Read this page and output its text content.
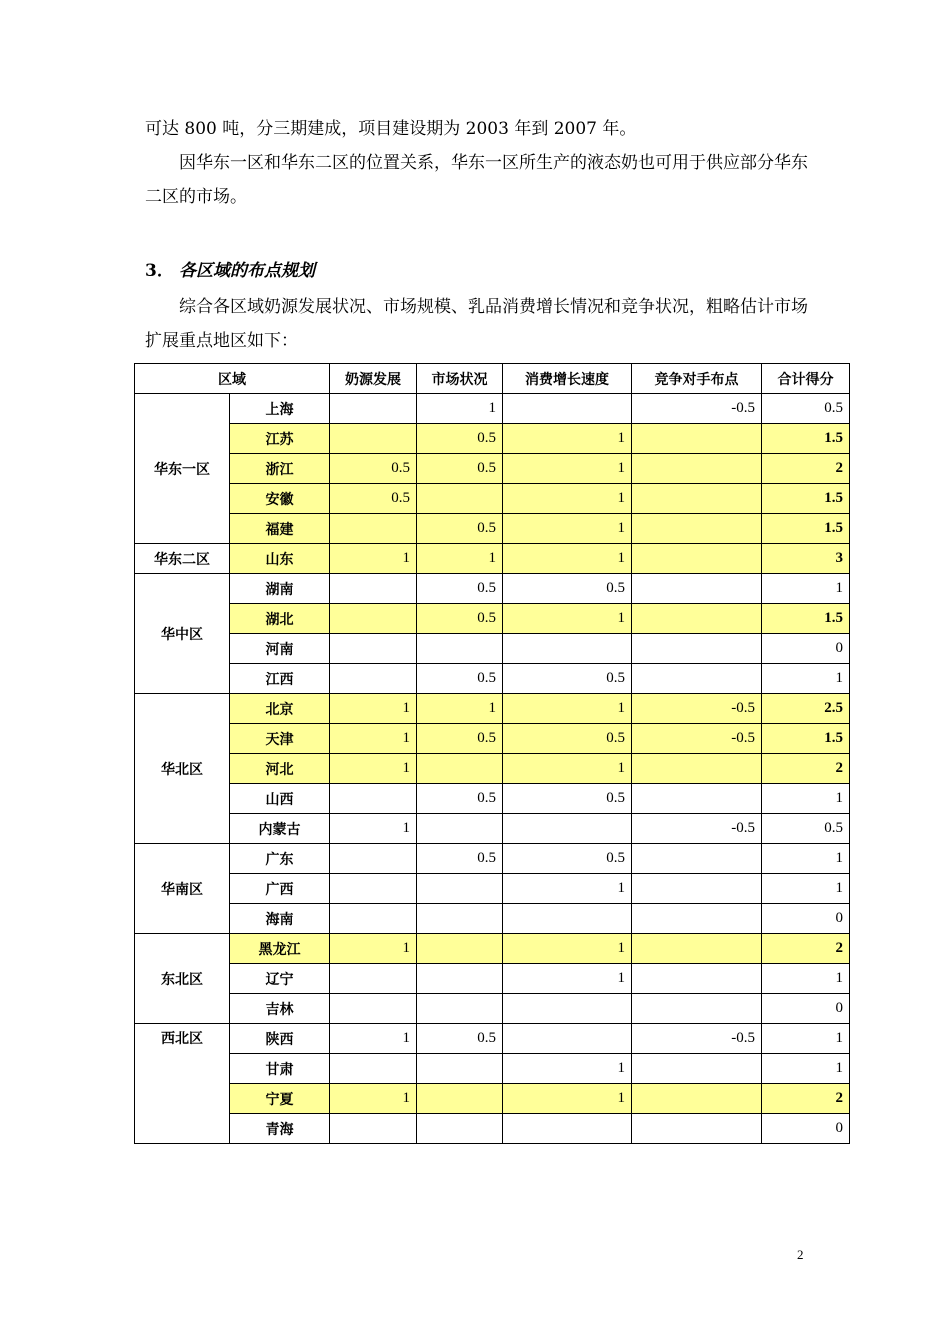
可达 800 吨，分三期建成，项目建设期为 2003 年到 2007 年。

因华东一区和华东二区的位置关系，华东一区所生产的液态奶也可用于供应部分华东二区的市场。

3． 各区域的布点规划

综合各区域奶源发展状况、市场规模、乳品消费增长情况和竞争状况，粗略估计市场扩展重点地区如下：

区域		奶源发展	市场状况	消费增长速度	竞争对手布点	合计得分
华东一区	上海		1		-0.5	0.5
	江苏		0.5	1		1.5
	浙江	0.5	0.5	1		2
	安徽	0.5		1		1.5
	福建		0.5	1		1.5
华东二区	山东	1	1	1		3
华中区	湖南		0.5	0.5		1
	湖北		0.5	1		1.5
	河南					0
	江西		0.5	0.5		1
华北区	北京	1	1	1	-0.5	2.5
	天津	1	0.5	0.5	-0.5	1.5
	河北	1		1		2
	山西		0.5	0.5		1
	内蒙古	1			-0.5	0.5
华南区	广东		0.5	0.5		1
	广西			1		1
	海南					0
东北区	黑龙江	1		1		2
	辽宁			1		1
	吉林					0
西北区	陕西	1	0.5		-0.5	1
	甘肃			1		1
	宁夏	1		1		2
	青海					0
2
